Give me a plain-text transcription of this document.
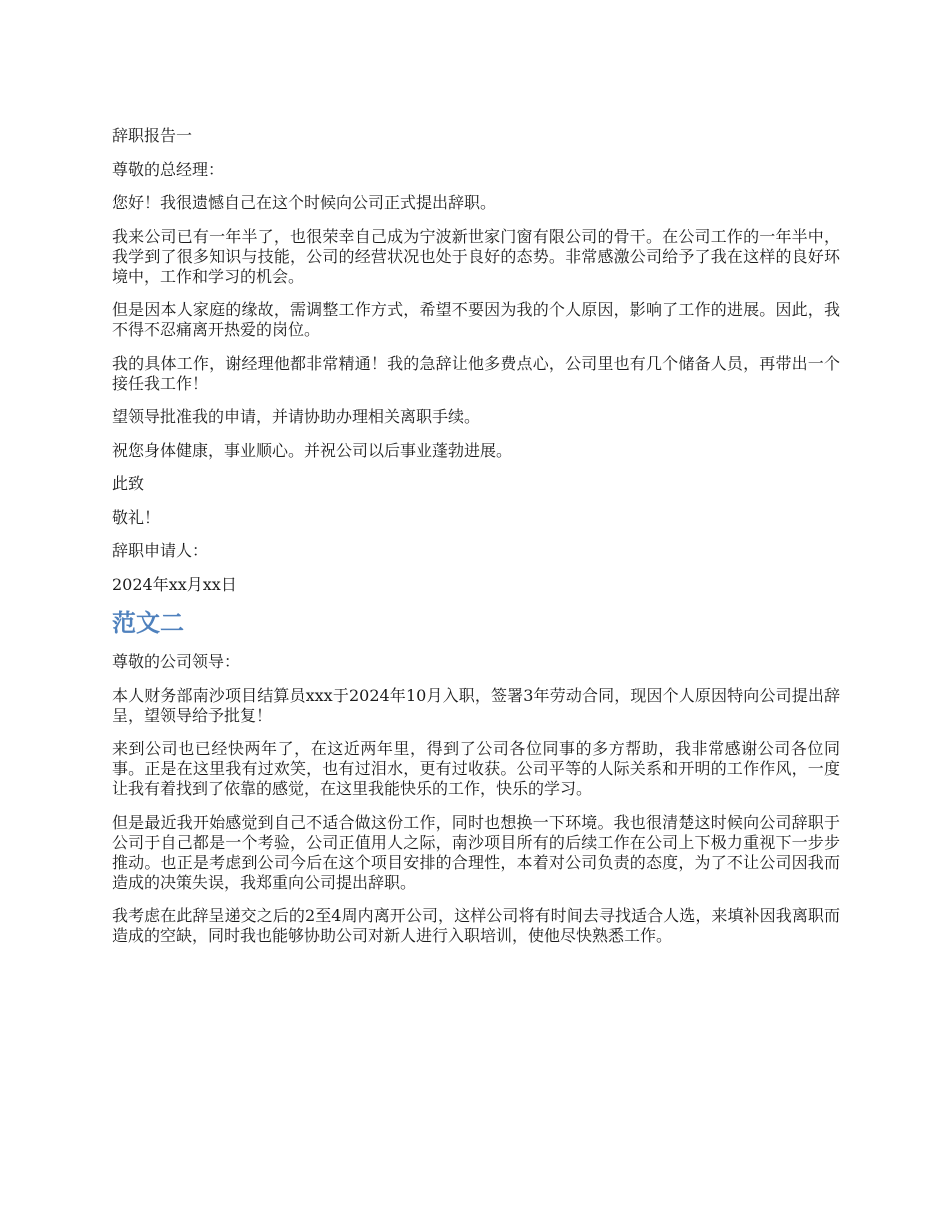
辞职报告一

尊敬的总经理：

您好！我很遗憾自己在这个时候向公司正式提出辞职。

我来公司已有一年半了，也很荣幸自己成为宁波新世家门窗有限公司的骨干。在公司工作的一年半中，我学到了很多知识与技能，公司的经营状况也处于良好的态势。非常感激公司给予了我在这样的良好环境中，工作和学习的机会。

但是因本人家庭的缘故，需调整工作方式，希望不要因为我的个人原因，影响了工作的进展。因此，我不得不忍痛离开热爱的岗位。

我的具体工作，谢经理他都非常精通！我的急辞让他多费点心，公司里也有几个储备人员，再带出一个接任我工作！

望领导批准我的申请，并请协助办理相关离职手续。

祝您身体健康，事业顺心。并祝公司以后事业蓬勃进展。

此致

敬礼！

辞职申请人：

2024年xx月xx日

范文二

尊敬的公司领导：

本人财务部南沙项目结算员xxx于2024年10月入职，签署3年劳动合同，现因个人原因特向公司提出辞呈，望领导给予批复！

来到公司也已经快两年了，在这近两年里，得到了公司各位同事的多方帮助，我非常感谢公司各位同事。正是在这里我有过欢笑，也有过泪水，更有过收获。公司平等的人际关系和开明的工作作风，一度让我有着找到了依靠的感觉，在这里我能快乐的工作，快乐的学习。

但是最近我开始感觉到自己不适合做这份工作，同时也想换一下环境。我也很清楚这时候向公司辞职于公司于自己都是一个考验，公司正值用人之际，南沙项目所有的后续工作在公司上下极力重视下一步步推动。也正是考虑到公司今后在这个项目安排的合理性，本着对公司负责的态度，为了不让公司因我而造成的决策失误，我郑重向公司提出辞职。

我考虑在此辞呈递交之后的2至4周内离开公司，这样公司将有时间去寻找适合人选，来填补因我离职而造成的空缺，同时我也能够协助公司对新人进行入职培训，使他尽快熟悉工作。
